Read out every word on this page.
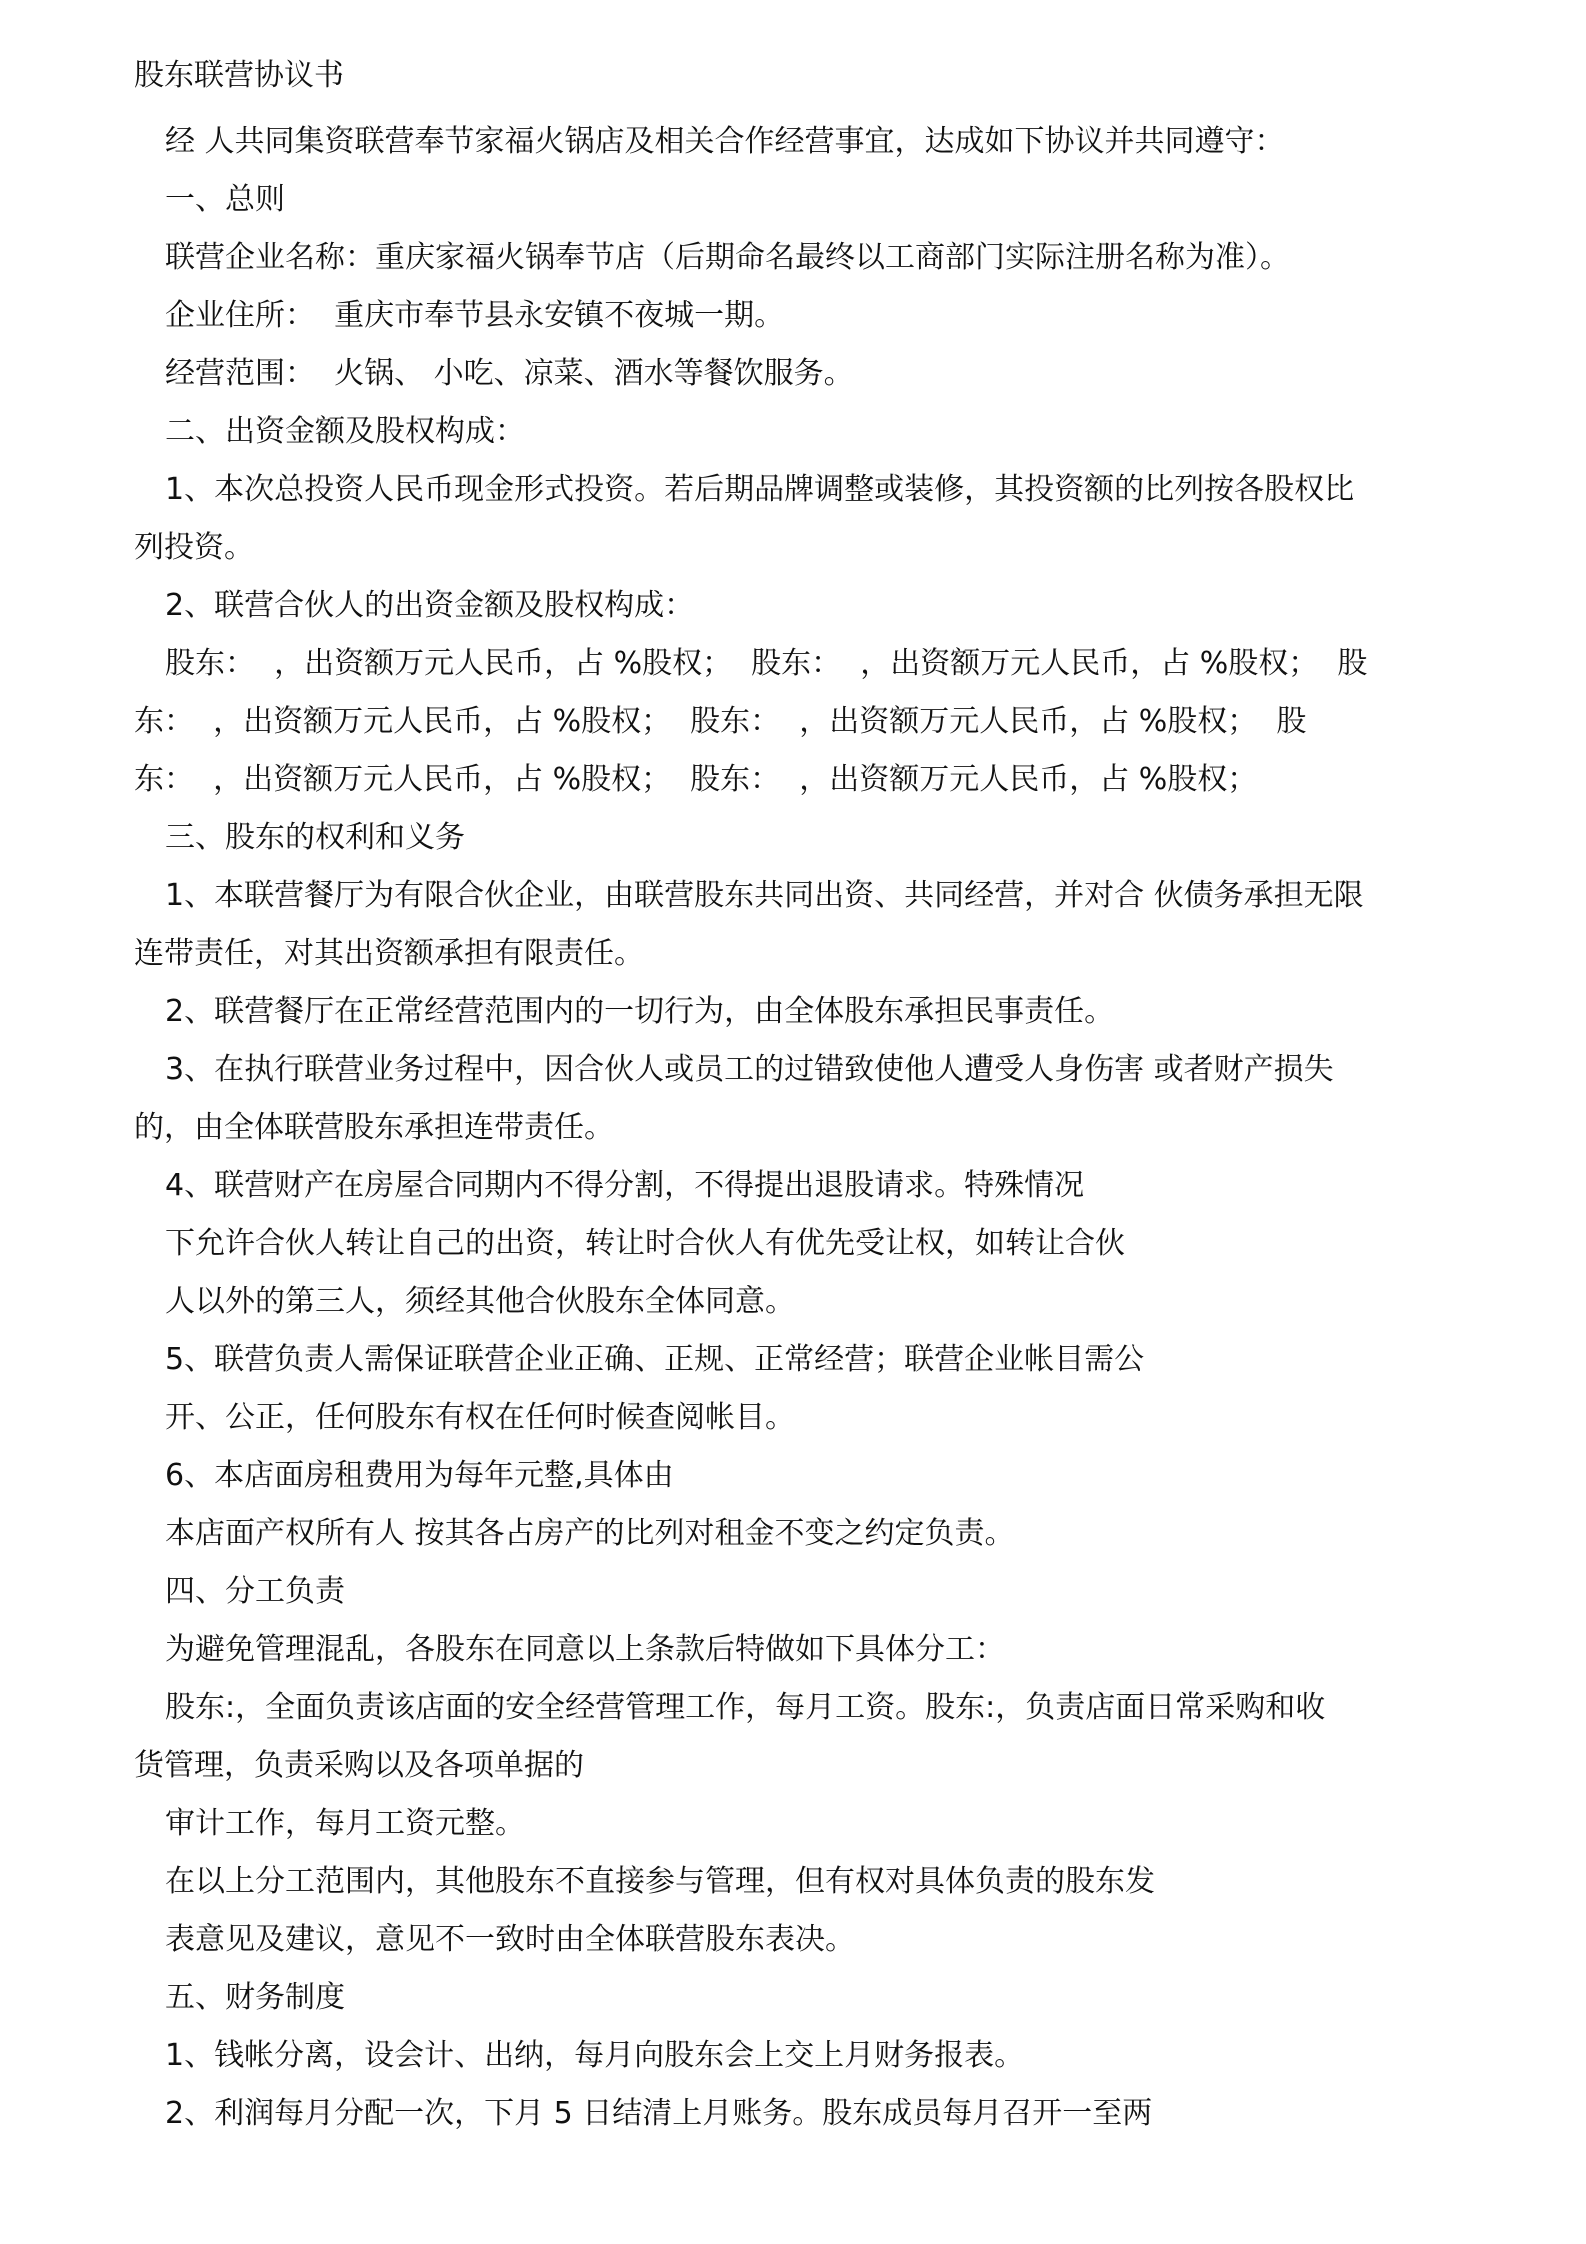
股东联营协议书

经 人共同集资联营奉节家福火锅店及相关合作经营事宜，达成如下协议并共同遵守：

一、总则

联营企业名称：重庆家福火锅奉节店（后期命名最终以工商部门实际注册名称为准）。

企业住所：  重庆市奉节县永安镇不夜城一期。

经营范围：  火锅、 小吃、凉菜、酒水等餐饮服务。

二、出资金额及股权构成：

1、本次总投资人民币现金形式投资。若后期品牌调整或装修，其投资额的比列按各股权比

列投资。

2、联营合伙人的出资金额及股权构成：

股东：  ，出资额万元人民币，占 %股权；  股东：  ，出资额万元人民币，占 %股权；  股

东：  ，出资额万元人民币，占 %股权；  股东：  ，出资额万元人民币，占 %股权；  股

东：  ，出资额万元人民币，占 %股权；  股东：  ，出资额万元人民币，占 %股权；

三、股东的权利和义务

1、本联营餐厅为有限合伙企业，由联营股东共同出资、共同经营，并对合 伙债务承担无限

连带责任，对其出资额承担有限责任。

2、联营餐厅在正常经营范围内的一切行为，由全体股东承担民事责任。

3、在执行联营业务过程中，因合伙人或员工的过错致使他人遭受人身伤害 或者财产损失

的，由全体联营股东承担连带责任。

4、联营财产在房屋合同期内不得分割，不得提出退股请求。特殊情况

下允许合伙人转让自己的出资，转让时合伙人有优先受让权，如转让合伙

人以外的第三人，须经其他合伙股东全体同意。

5、联营负责人需保证联营企业正确、正规、正常经营；联营企业帐目需公

开、公正，任何股东有权在任何时候查阅帐目。

6、本店面房租费用为每年元整,具体由

本店面产权所有人 按其各占房产的比列对租金不变之约定负责。

四、分工负责

为避免管理混乱，各股东在同意以上条款后特做如下具体分工：

股东:，全面负责该店面的安全经营管理工作，每月工资。股东:，负责店面日常采购和收

货管理，负责采购以及各项单据的

审计工作，每月工资元整。

在以上分工范围内，其他股东不直接参与管理，但有权对具体负责的股东发

表意见及建议，意见不一致时由全体联营股东表决。

五、财务制度

1、钱帐分离，设会计、出纳，每月向股东会上交上月财务报表。

2、利润每月分配一次，下月 5 日结清上月账务。股东成员每月召开一至两
